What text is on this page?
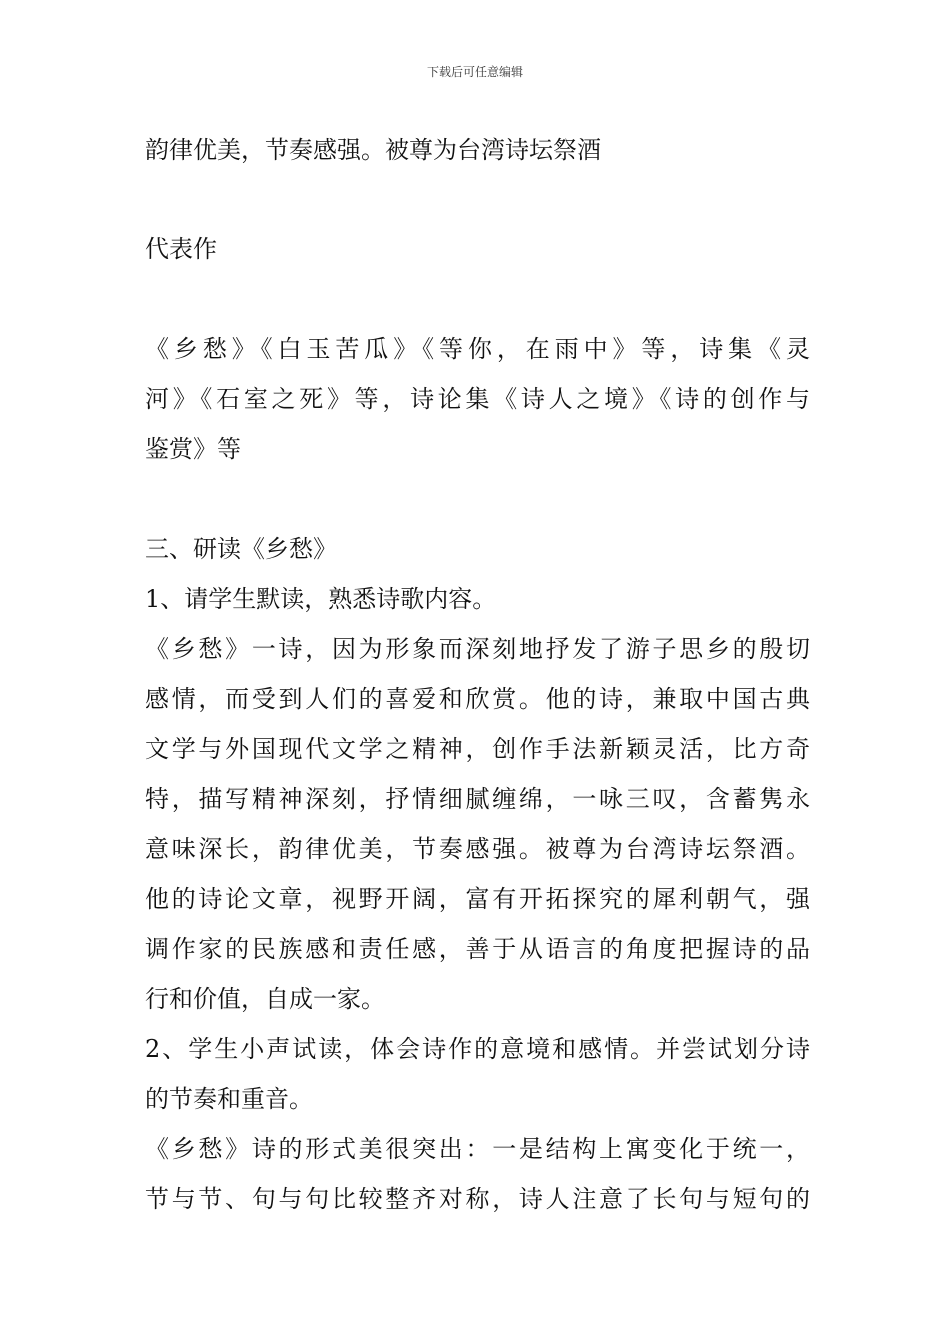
下载后可任意编辑
韵律优美，节奏感强。被尊为台湾诗坛祭酒
代表作
《乡愁》《白玉苦瓜》《等你，在雨中》等，诗集《灵
河》《石室之死》等，诗论集《诗人之境》《诗的创作与
鉴赏》等
三、研读《乡愁》
1、请学生默读，熟悉诗歌内容。
《乡愁》一诗，因为形象而深刻地抒发了游子思乡的殷切
感情，而受到人们的喜爱和欣赏。他的诗，兼取中国古典
文学与外国现代文学之精神，创作手法新颖灵活，比方奇
特，描写精神深刻，抒情细腻缠绵，一咏三叹，含蓄隽永
意味深长，韵律优美，节奏感强。被尊为台湾诗坛祭酒。
他的诗论文章，视野开阔，富有开拓探究的犀利朝气，强
调作家的民族感和责任感，善于从语言的角度把握诗的品
行和价值，自成一家。
2、学生小声试读，体会诗作的意境和感情。并尝试划分诗
的节奏和重音。
《乡愁》诗的形式美很突出：一是结构上寓变化于统一，
节与节、句与句比较整齐对称，诗人注意了长句与短句的
